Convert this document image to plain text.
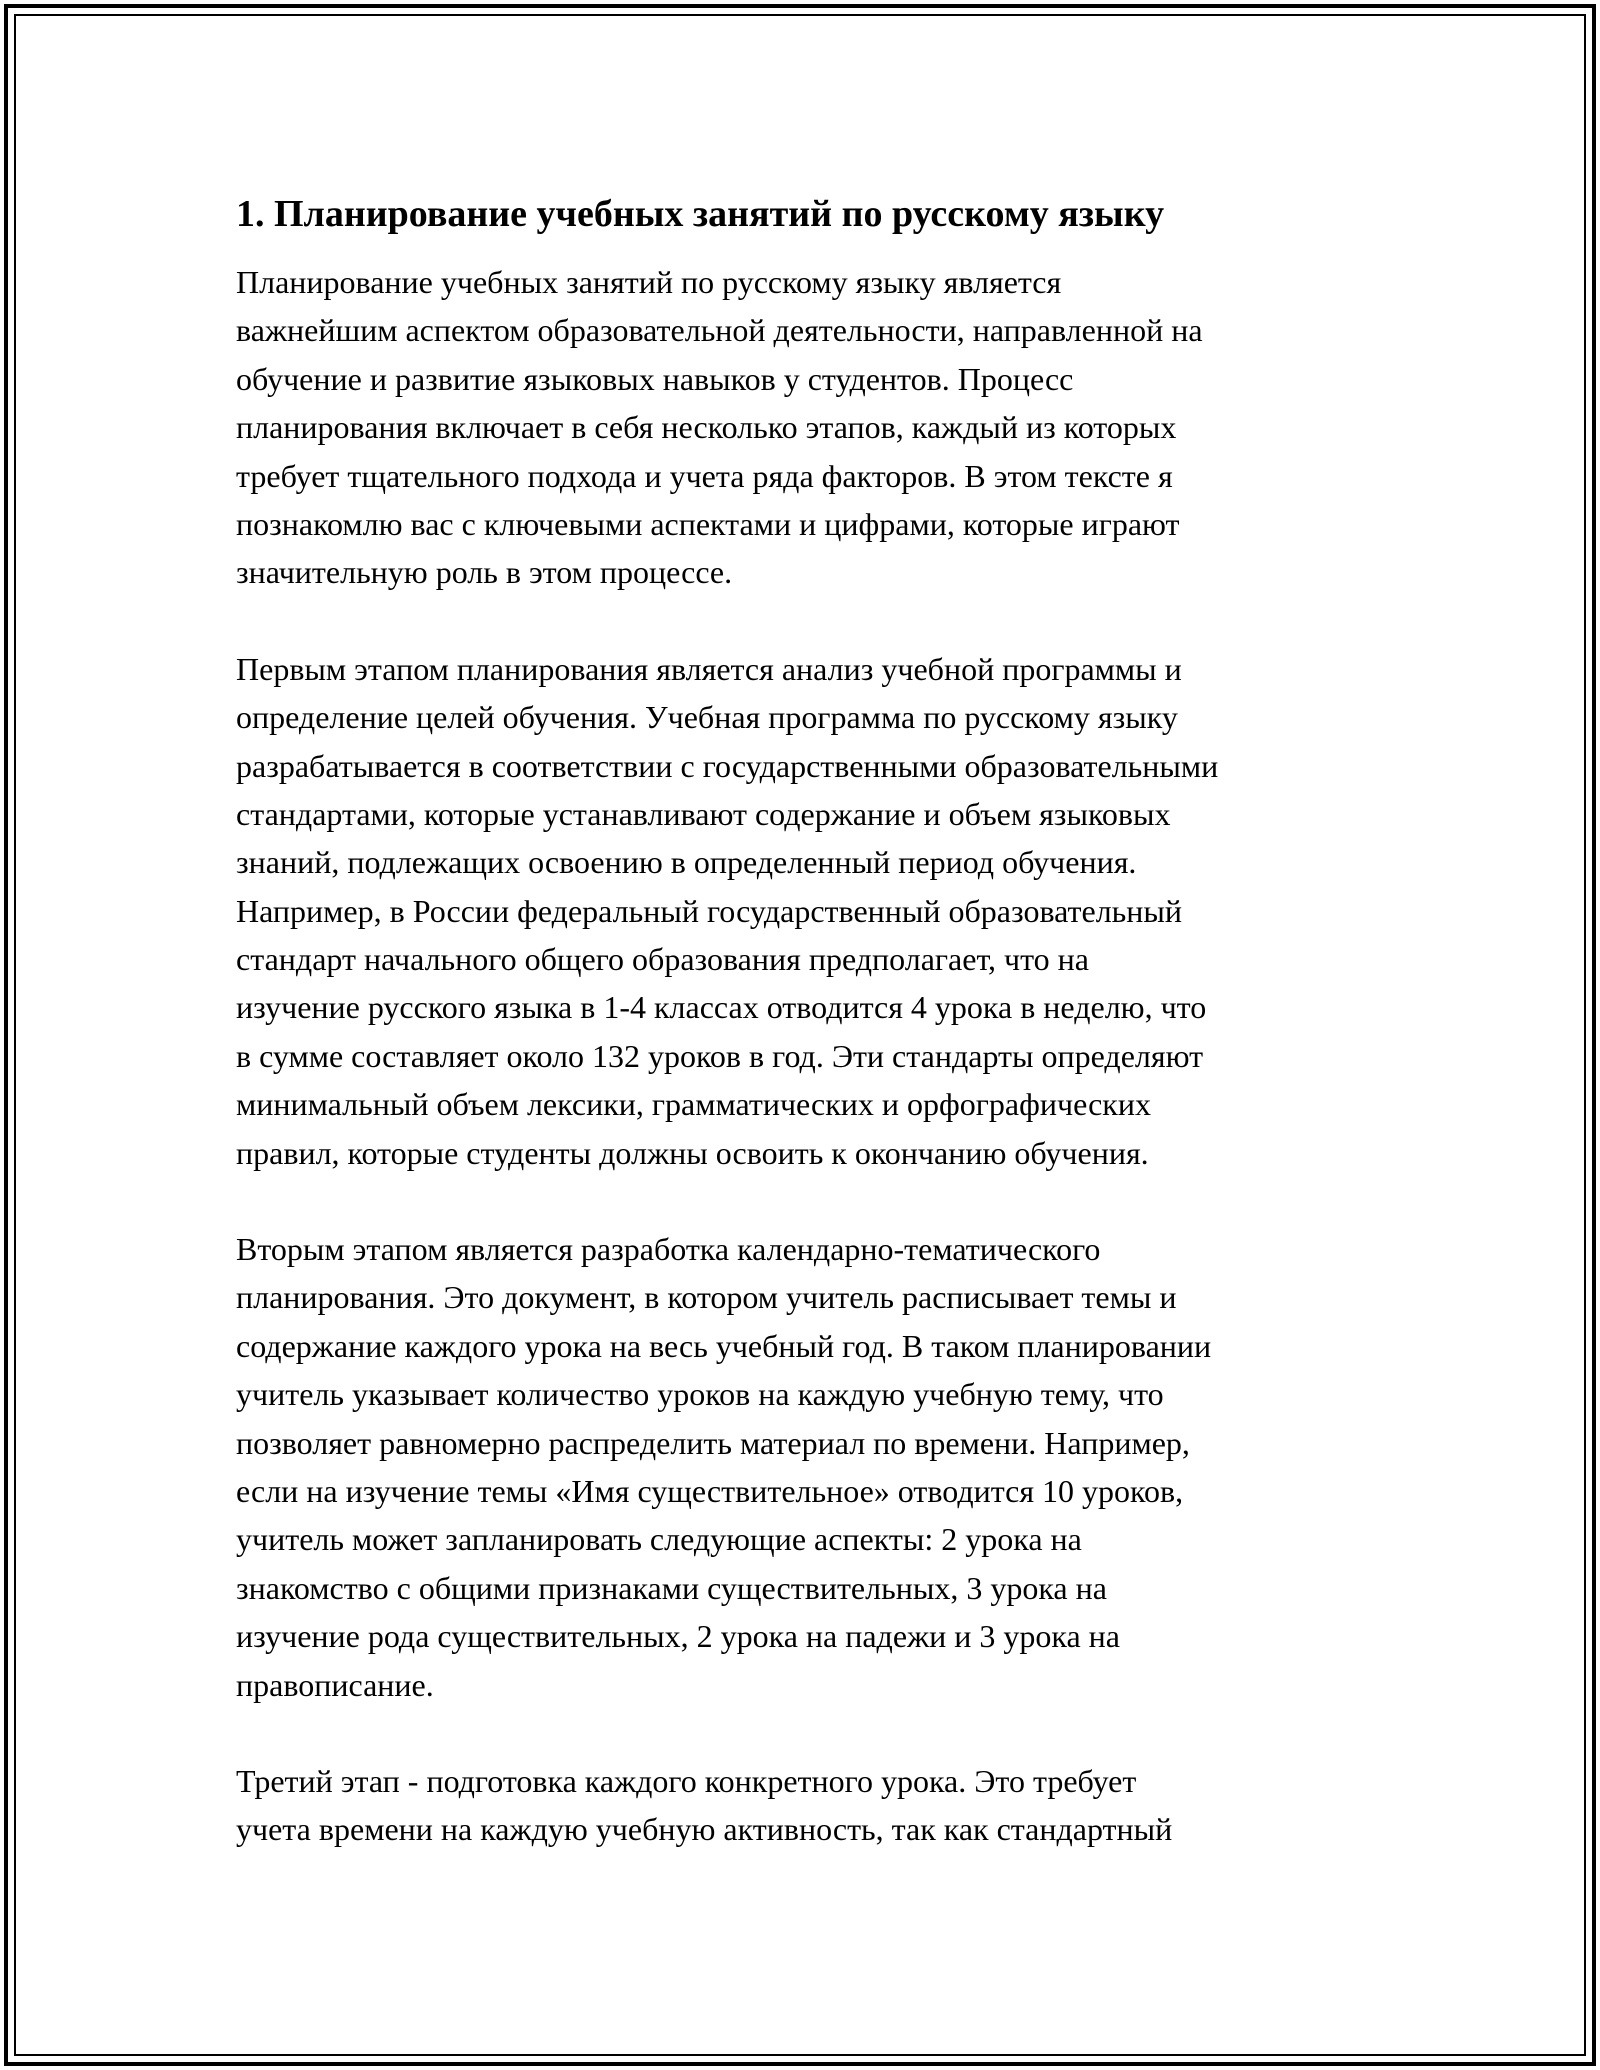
1. Планирование учебных занятий по русскому языку

Планирование учебных занятий по русскому языку является
важнейшим аспектом образовательной деятельности, направленной на
обучение и развитие языковых навыков у студентов. Процесс
планирования включает в себя несколько этапов, каждый из которых
требует тщательного подхода и учета ряда факторов. В этом тексте я
познакомлю вас с ключевыми аспектами и цифрами, которые играют
значительную роль в этом процессе.

Первым этапом планирования является анализ учебной программы и
определение целей обучения. Учебная программа по русскому языку
разрабатывается в соответствии с государственными образовательными
стандартами, которые устанавливают содержание и объем языковых
знаний, подлежащих освоению в определенный период обучения.
Например, в России федеральный государственный образовательный
стандарт начального общего образования предполагает, что на
изучение русского языка в 1-4 классах отводится 4 урока в неделю, что
в сумме составляет около 132 уроков в год. Эти стандарты определяют
минимальный объем лексики, грамматических и орфографических
правил, которые студенты должны освоить к окончанию обучения.

Вторым этапом является разработка календарно-тематического
планирования. Это документ, в котором учитель расписывает темы и
содержание каждого урока на весь учебный год. В таком планировании
учитель указывает количество уроков на каждую учебную тему, что
позволяет равномерно распределить материал по времени. Например,
если на изучение темы «Имя существительное» отводится 10 уроков,
учитель может запланировать следующие аспекты: 2 урока на
знакомство с общими признаками существительных, 3 урока на
изучение рода существительных, 2 урока на падежи и 3 урока на
правописание.

Третий этап - подготовка каждого конкретного урока. Это требует
учета времени на каждую учебную активность, так как стандартный
